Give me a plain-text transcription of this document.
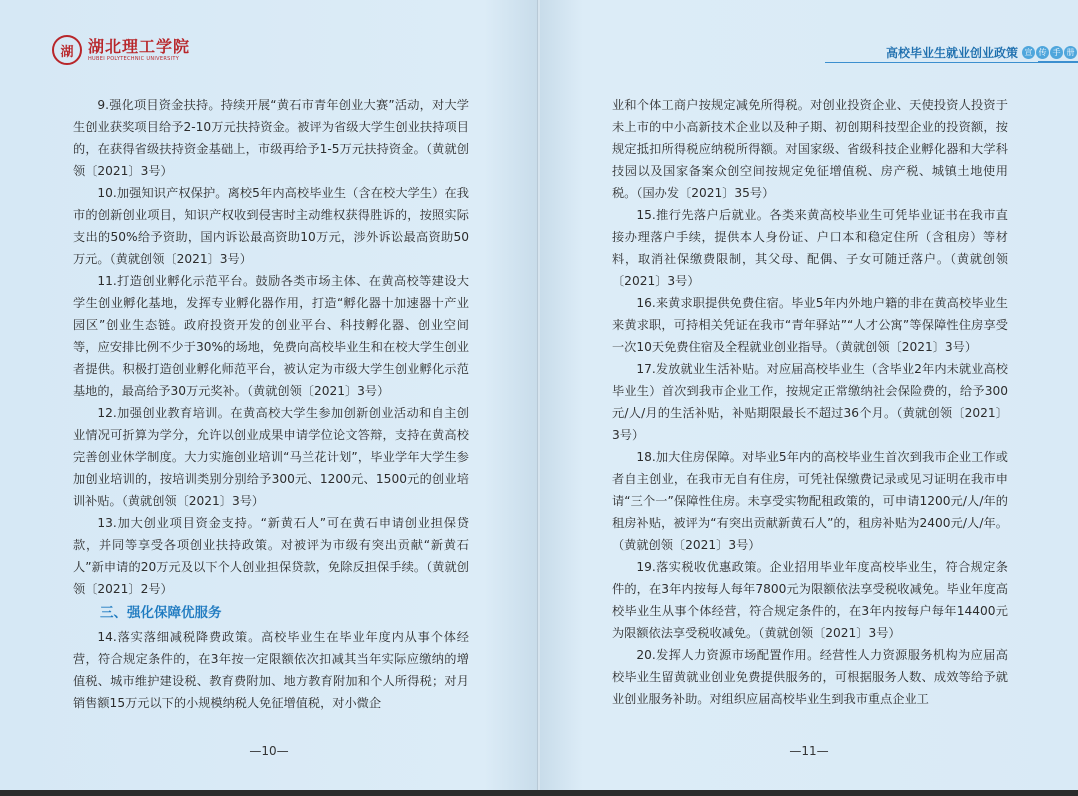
湖 湖北理工学院
HUBEI POLYTECHNIC UNIVERSITY

9.强化项目资金扶持。持续开展“黄石市青年创业大赛”活动，对大学生创业获奖项目给予2-10万元扶持资金。被评为省级大学生创业扶持项目的，在获得省级扶持资金基础上，市级再给予1-5万元扶持资金。（黄就创领〔2021〕3号）

10.加强知识产权保护。离校5年内高校毕业生（含在校大学生）在我市的创新创业项目，知识产权收到侵害时主动维权获得胜诉的，按照实际支出的50%给予资助，国内诉讼最高资助10万元，涉外诉讼最高资助50万元。（黄就创领〔2021〕3号）

11.打造创业孵化示范平台。鼓励各类市场主体、在黄高校等建设大学生创业孵化基地，发挥专业孵化器作用，打造“孵化器十加速器十产业园区”创业生态链。政府投资开发的创业平台、科技孵化器、创业空间等，应安排比例不少于30%的场地，免费向高校毕业生和在校大学生创业者提供。积极打造创业孵化师范平台，被认定为市级大学生创业孵化示范基地的，最高给予30万元奖补。（黄就创领〔2021〕3号）

12.加强创业教育培训。在黄高校大学生参加创新创业活动和自主创业情况可折算为学分，允许以创业成果申请学位论文答辩，支持在黄高校完善创业休学制度。大力实施创业培训“马兰花计划”，毕业学年大学生参加创业培训的，按培训类别分别给予300元、1200元、1500元的创业培训补贴。（黄就创领〔2021〕3号）

13.加大创业项目资金支持。“新黄石人”可在黄石申请创业担保贷款，并同等享受各项创业扶持政策。对被评为市级有突出贡献“新黄石人”新申请的20万元及以下个人创业担保贷款，免除反担保手续。（黄就创领〔2021〕2号）

三、强化保障优服务

14.落实落细减税降费政策。高校毕业生在毕业年度内从事个体经营，符合规定条件的，在3年按一定限额依次扣减其当年实际应缴纳的增值税、城市维护建设税、教育费附加、地方教育附加和个人所得税；对月销售额15万元以下的小规模纳税人免征增值税，对小微企

—10—
高校毕业生就业创业政策 宣 传 手 册

业和个体工商户按规定减免所得税。对创业投资企业、天使投资人投资于未上市的中小高新技术企业以及种子期、初创期科技型企业的投资额，按规定抵扣所得税应纳税所得额。对国家级、省级科技企业孵化器和大学科技园以及国家备案众创空间按规定免征增值税、房产税、城镇土地使用税。（国办发〔2021〕35号）

15.推行先落户后就业。各类来黄高校毕业生可凭毕业证书在我市直接办理落户手续，提供本人身份证、户口本和稳定住所（含租房）等材料，取消社保缴费限制，其父母、配偶、子女可随迁落户。（黄就创领〔2021〕3号）

16.来黄求职提供免费住宿。毕业5年内外地户籍的非在黄高校毕业生来黄求职，可持相关凭证在我市“青年驿站”“人才公寓”等保障性住房享受一次10天免费住宿及全程就业创业指导。（黄就创领〔2021〕3号）

17.发放就业生活补贴。对应届高校毕业生（含毕业2年内未就业高校毕业生）首次到我市企业工作，按规定正常缴纳社会保险费的，给予300元/人/月的生活补贴，补贴期限最长不超过36个月。（黄就创领〔2021〕3号）

18.加大住房保障。对毕业5年内的高校毕业生首次到我市企业工作或者自主创业，在我市无自有住房，可凭社保缴费记录或见习证明在我市申请“三个一”保障性住房。未享受实物配租政策的，可申请1200元/人/年的租房补贴，被评为“有突出贡献新黄石人”的，租房补贴为2400元/人/年。（黄就创领〔2021〕3号）

19.落实税收优惠政策。企业招用毕业年度高校毕业生，符合规定条件的，在3年内按每人每年7800元为限额依法享受税收减免。毕业年度高校毕业生从事个体经营，符合规定条件的，在3年内按每户每年14400元为限额依法享受税收减免。（黄就创领〔2021〕3号）

20.发挥人力资源市场配置作用。经营性人力资源服务机构为应届高校毕业生留黄就业创业免费提供服务的，可根据服务人数、成效等给予就业创业服务补助。对组织应届高校毕业生到我市重点企业工

—11—
